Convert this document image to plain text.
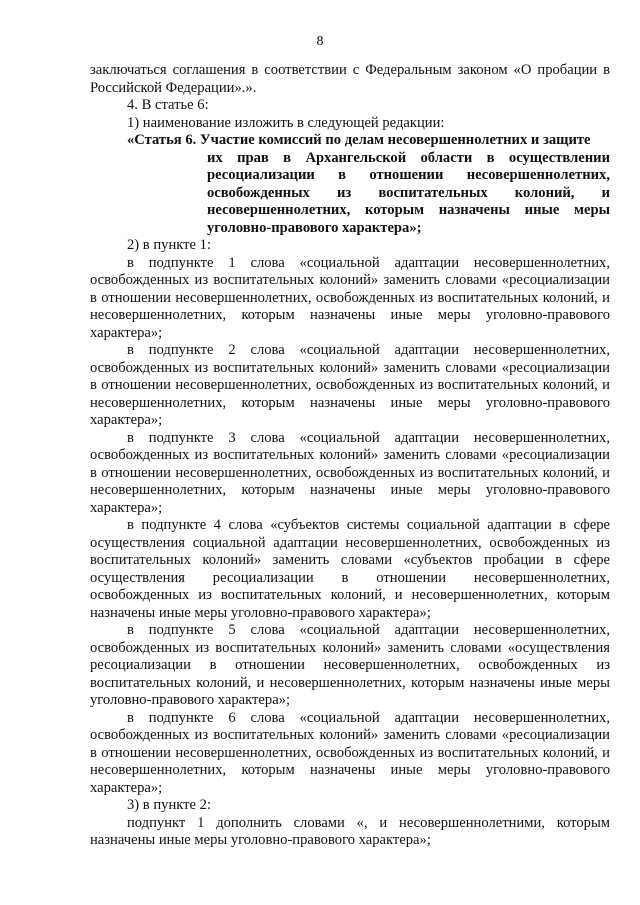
8

заключаться соглашения в соответствии с Федеральным законом «О пробации в Российской Федерации».».

4. В статье 6:

1) наименование изложить в следующей редакции:

«Статья 6. Участие комиссий по делам несовершеннолетних и защите

их прав в Архангельской области в осуществлении ресоциализации в отношении несовершеннолетних, освобожденных из воспитательных колоний, и несовершеннолетних, которым назначены иные меры уголовно-правового характера»;

2) в пункте 1:

в подпункте 1 слова «социальной адаптации несовершеннолетних, освобожденных из воспитательных колоний» заменить словами «ресоциализации в отношении несовершеннолетних, освобожденных из воспитательных колоний, и несовершеннолетних, которым назначены иные меры уголовно-правового характера»;

в подпункте 2 слова «социальной адаптации несовершеннолетних, освобожденных из воспитательных колоний» заменить словами «ресоциализации в отношении несовершеннолетних, освобожденных из воспитательных колоний, и несовершеннолетних, которым назначены иные меры уголовно-правового характера»;

в подпункте 3 слова «социальной адаптации несовершеннолетних, освобожденных из воспитательных колоний» заменить словами «ресоциализации в отношении несовершеннолетних, освобожденных из воспитательных колоний, и несовершеннолетних, которым назначены иные меры уголовно-правового характера»;

в подпункте 4 слова «субъектов системы социальной адаптации в сфере осуществления социальной адаптации несовершеннолетних, освобожденных из воспитательных колоний» заменить словами «субъектов пробации в сфере осуществления ресоциализации в отношении несовершеннолетних, освобожденных из воспитательных колоний, и несовершеннолетних, которым назначены иные меры уголовно-правового характера»;

в подпункте 5 слова «социальной адаптации несовершеннолетних, освобожденных из воспитательных колоний» заменить словами «осуществления ресоциализации в отношении несовершеннолетних, освобожденных из воспитательных колоний, и несовершеннолетних, которым назначены иные меры уголовно-правового характера»;

в подпункте 6 слова «социальной адаптации несовершеннолетних, освобожденных из воспитательных колоний» заменить словами «ресоциализации в отношении несовершеннолетних, освобожденных из воспитательных колоний, и несовершеннолетних, которым назначены иные меры уголовно-правового характера»;

3) в пункте 2:

подпункт 1 дополнить словами «, и несовершеннолетними, которым назначены иные меры уголовно-правового характера»;
